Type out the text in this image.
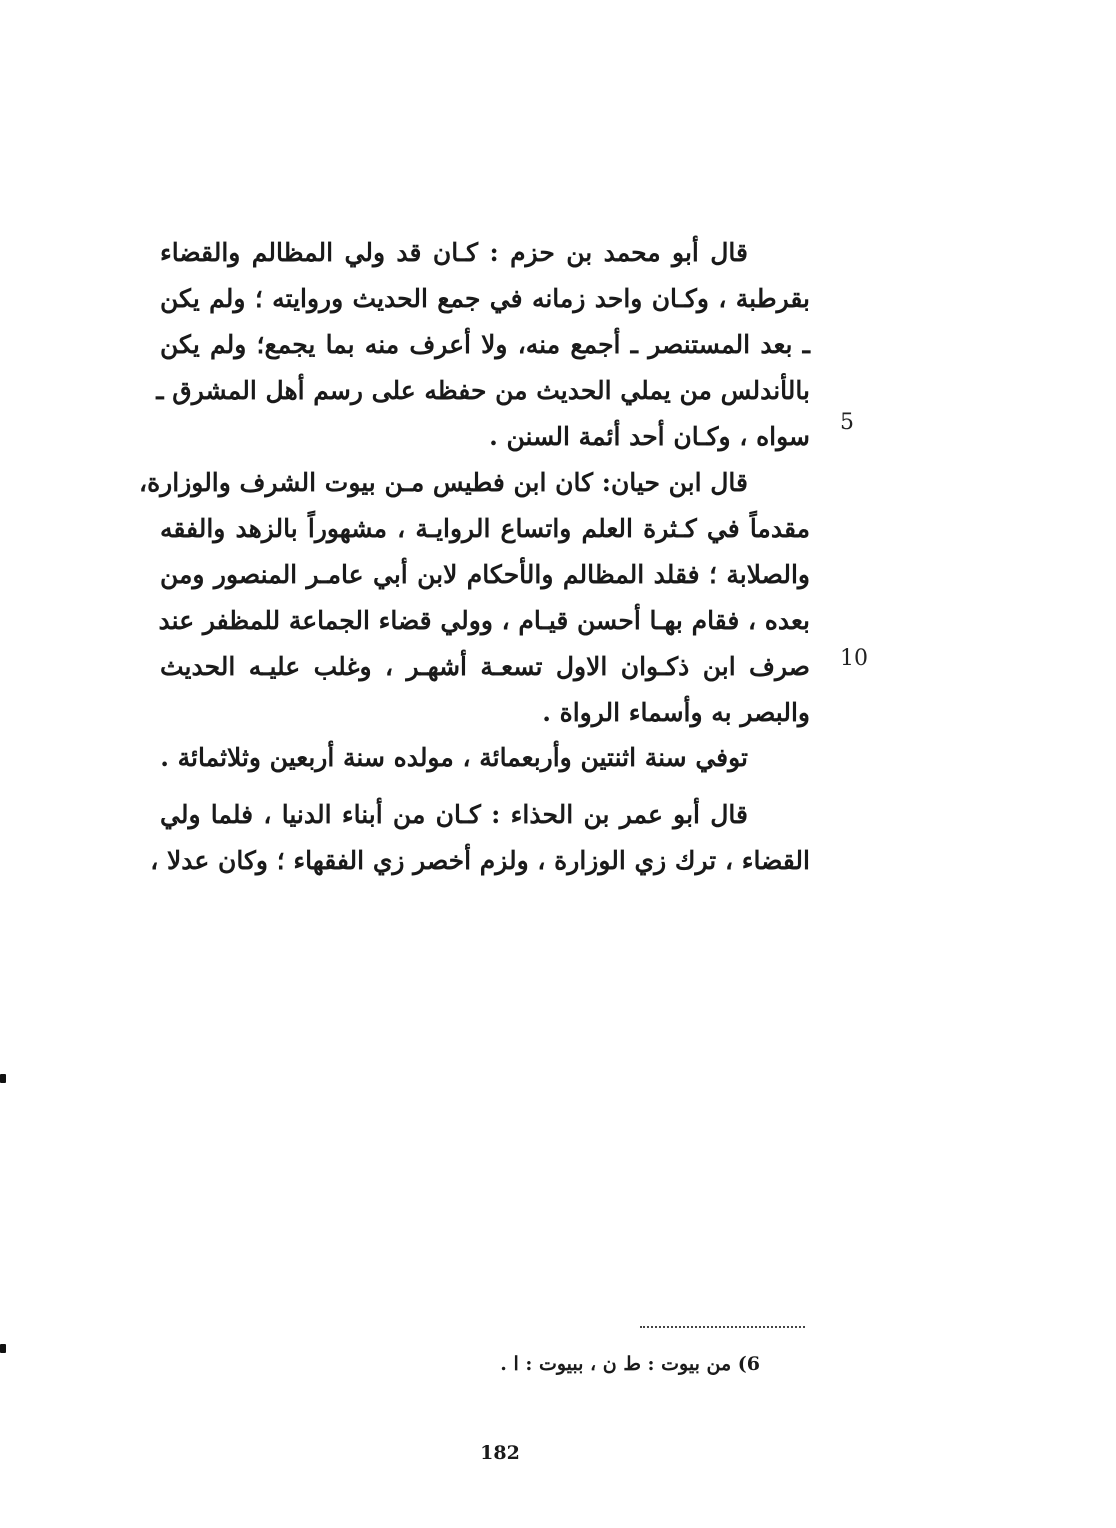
قال أبو محمد بن حزم : كـان قد ولي المظالم والقضاء
بقرطبة ، وكـان واحد زمانه في جمع الحديث وروايته ؛ ولم يكن
ـ بعد المستنصر ـ أجمع منه، ولا أعرف منه بما يجمع؛ ولم يكن
بالأندلس من يملي الحديث من حفظه على رسم أهل المشرق ـ
سواه ، وكـان أحد أئمة السنن . 5
قال ابن حيان: كان ابن فطيس مـن بيوت الشرف والوزارة،
مقدماً في كـثرة العلم واتساع الروايـة ، مشهوراً بالزهد والفقه
والصلابة ؛ فقلد المظالم والأحكام لابن أبي عامـر المنصور ومن
بعده ، فقام بهـا أحسن قيـام ، وولي قضاء الجماعة للمظفر عند
صرف ابن ذكـوان الاول تسعـة أشهـر ، وغلب عليـه الحديث
والبصر به وأسماء الرواة .
10
توفي سنة اثنتين وأربعمائة ، مولده سنة أربعين وثلاثمائة .
قال أبو عمر بن الحذاء : كـان من أبناء الدنيا ، فلما ولي
القضاء ، ترك زي الوزارة ، ولزم أخصر زي الفقهاء ؛ وكان عدلا ،
6) من بيوت : ط ن ، ببيوت : ا .
182
